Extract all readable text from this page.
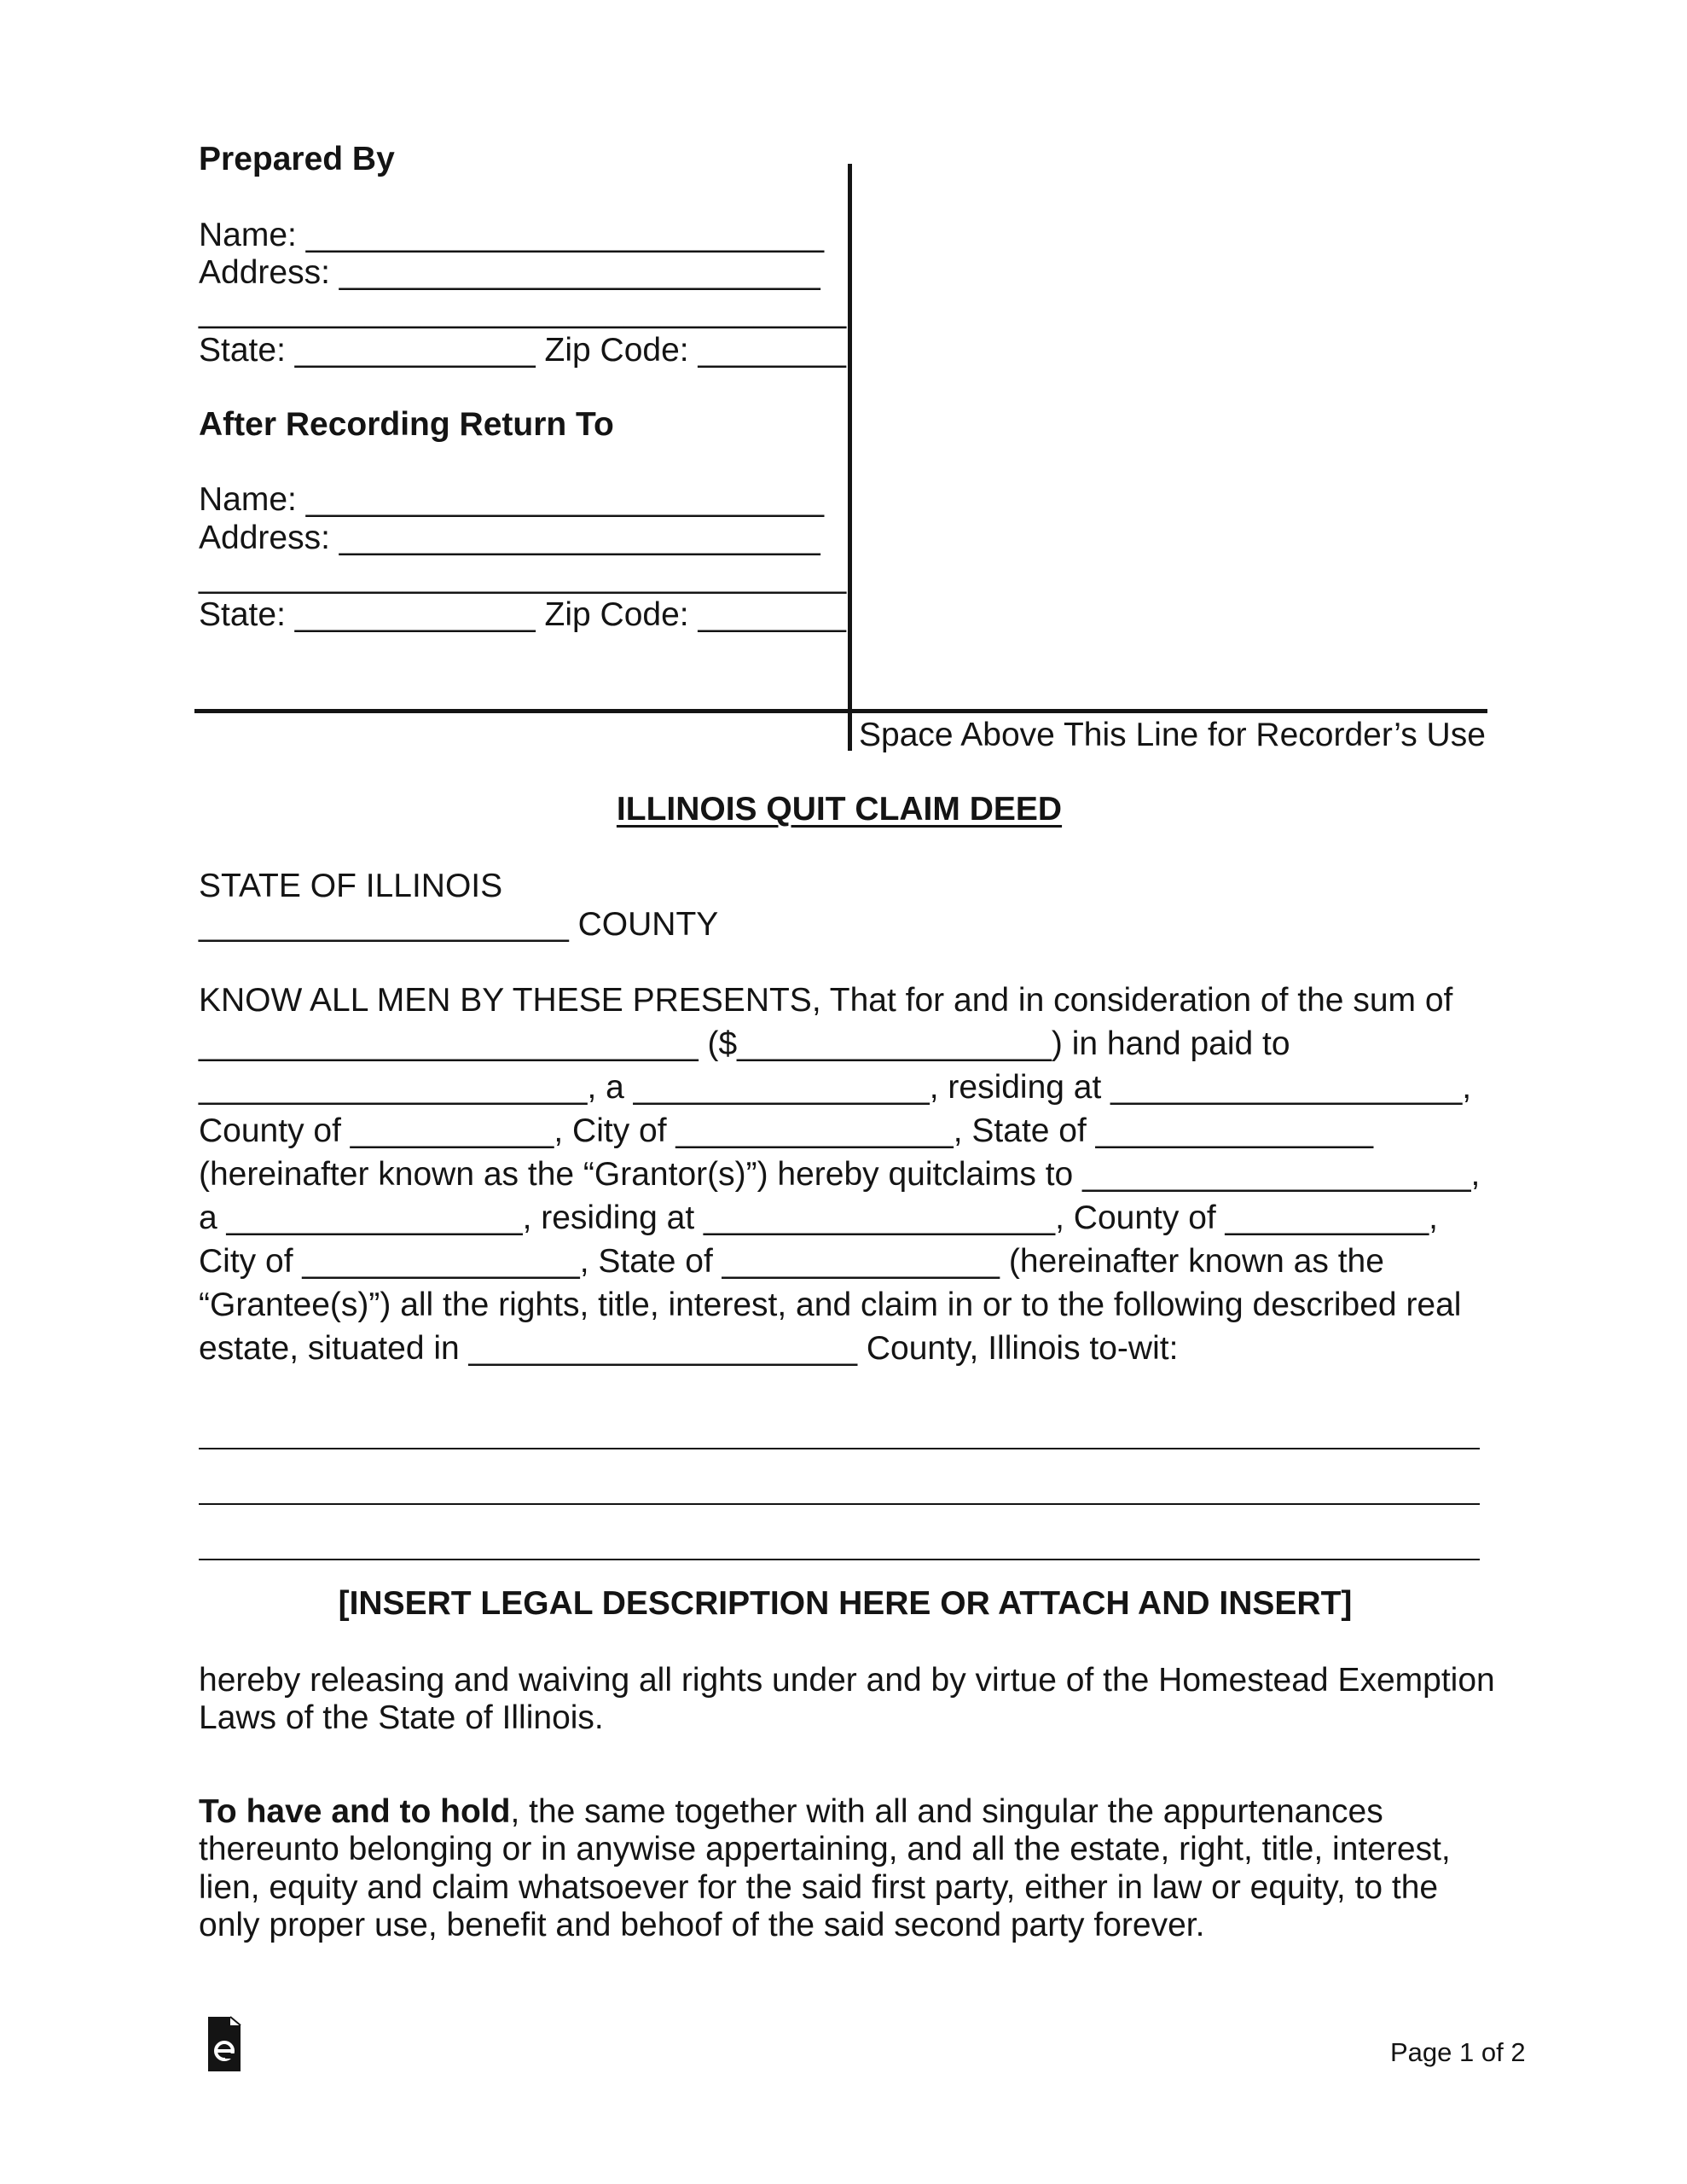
Prepared By
Name: ____________________________
Address: __________________________
___________________________________
State: _____________ Zip Code: ________
After Recording Return To
Name: ____________________________
Address: __________________________
___________________________________
State: _____________ Zip Code: ________
Space Above This Line for Recorder’s Use
ILLINOIS QUIT CLAIM DEED
STATE OF ILLINOIS
____________________ COUNTY
KNOW ALL MEN BY THESE PRESENTS, That for and in consideration of the sum of
___________________________ ($_________________) in hand paid to
_____________________, a ________________, residing at ___________________,
County of ___________, City of _______________, State of _______________
(hereinafter known as the “Grantor(s)”) hereby quitclaims to _____________________,
a ________________, residing at ___________________, County of ___________,
City of _______________, State of _______________ (hereinafter known as the
“Grantee(s)”) all the rights, title, interest, and claim in or to the following described real
estate, situated in _____________________ County, Illinois to-wit:
[INSERT LEGAL DESCRIPTION HERE OR ATTACH AND INSERT]
hereby releasing and waiving all rights under and by virtue of the Homestead Exemption
Laws of the State of Illinois.
To have and to hold, the same together with all and singular the appurtenances
thereunto belonging or in anywise appertaining, and all the estate, right, title, interest,
lien, equity and claim whatsoever for the said first party, either in law or equity, to the
only proper use, benefit and behoof of the said second party forever.
Page 1 of 2
